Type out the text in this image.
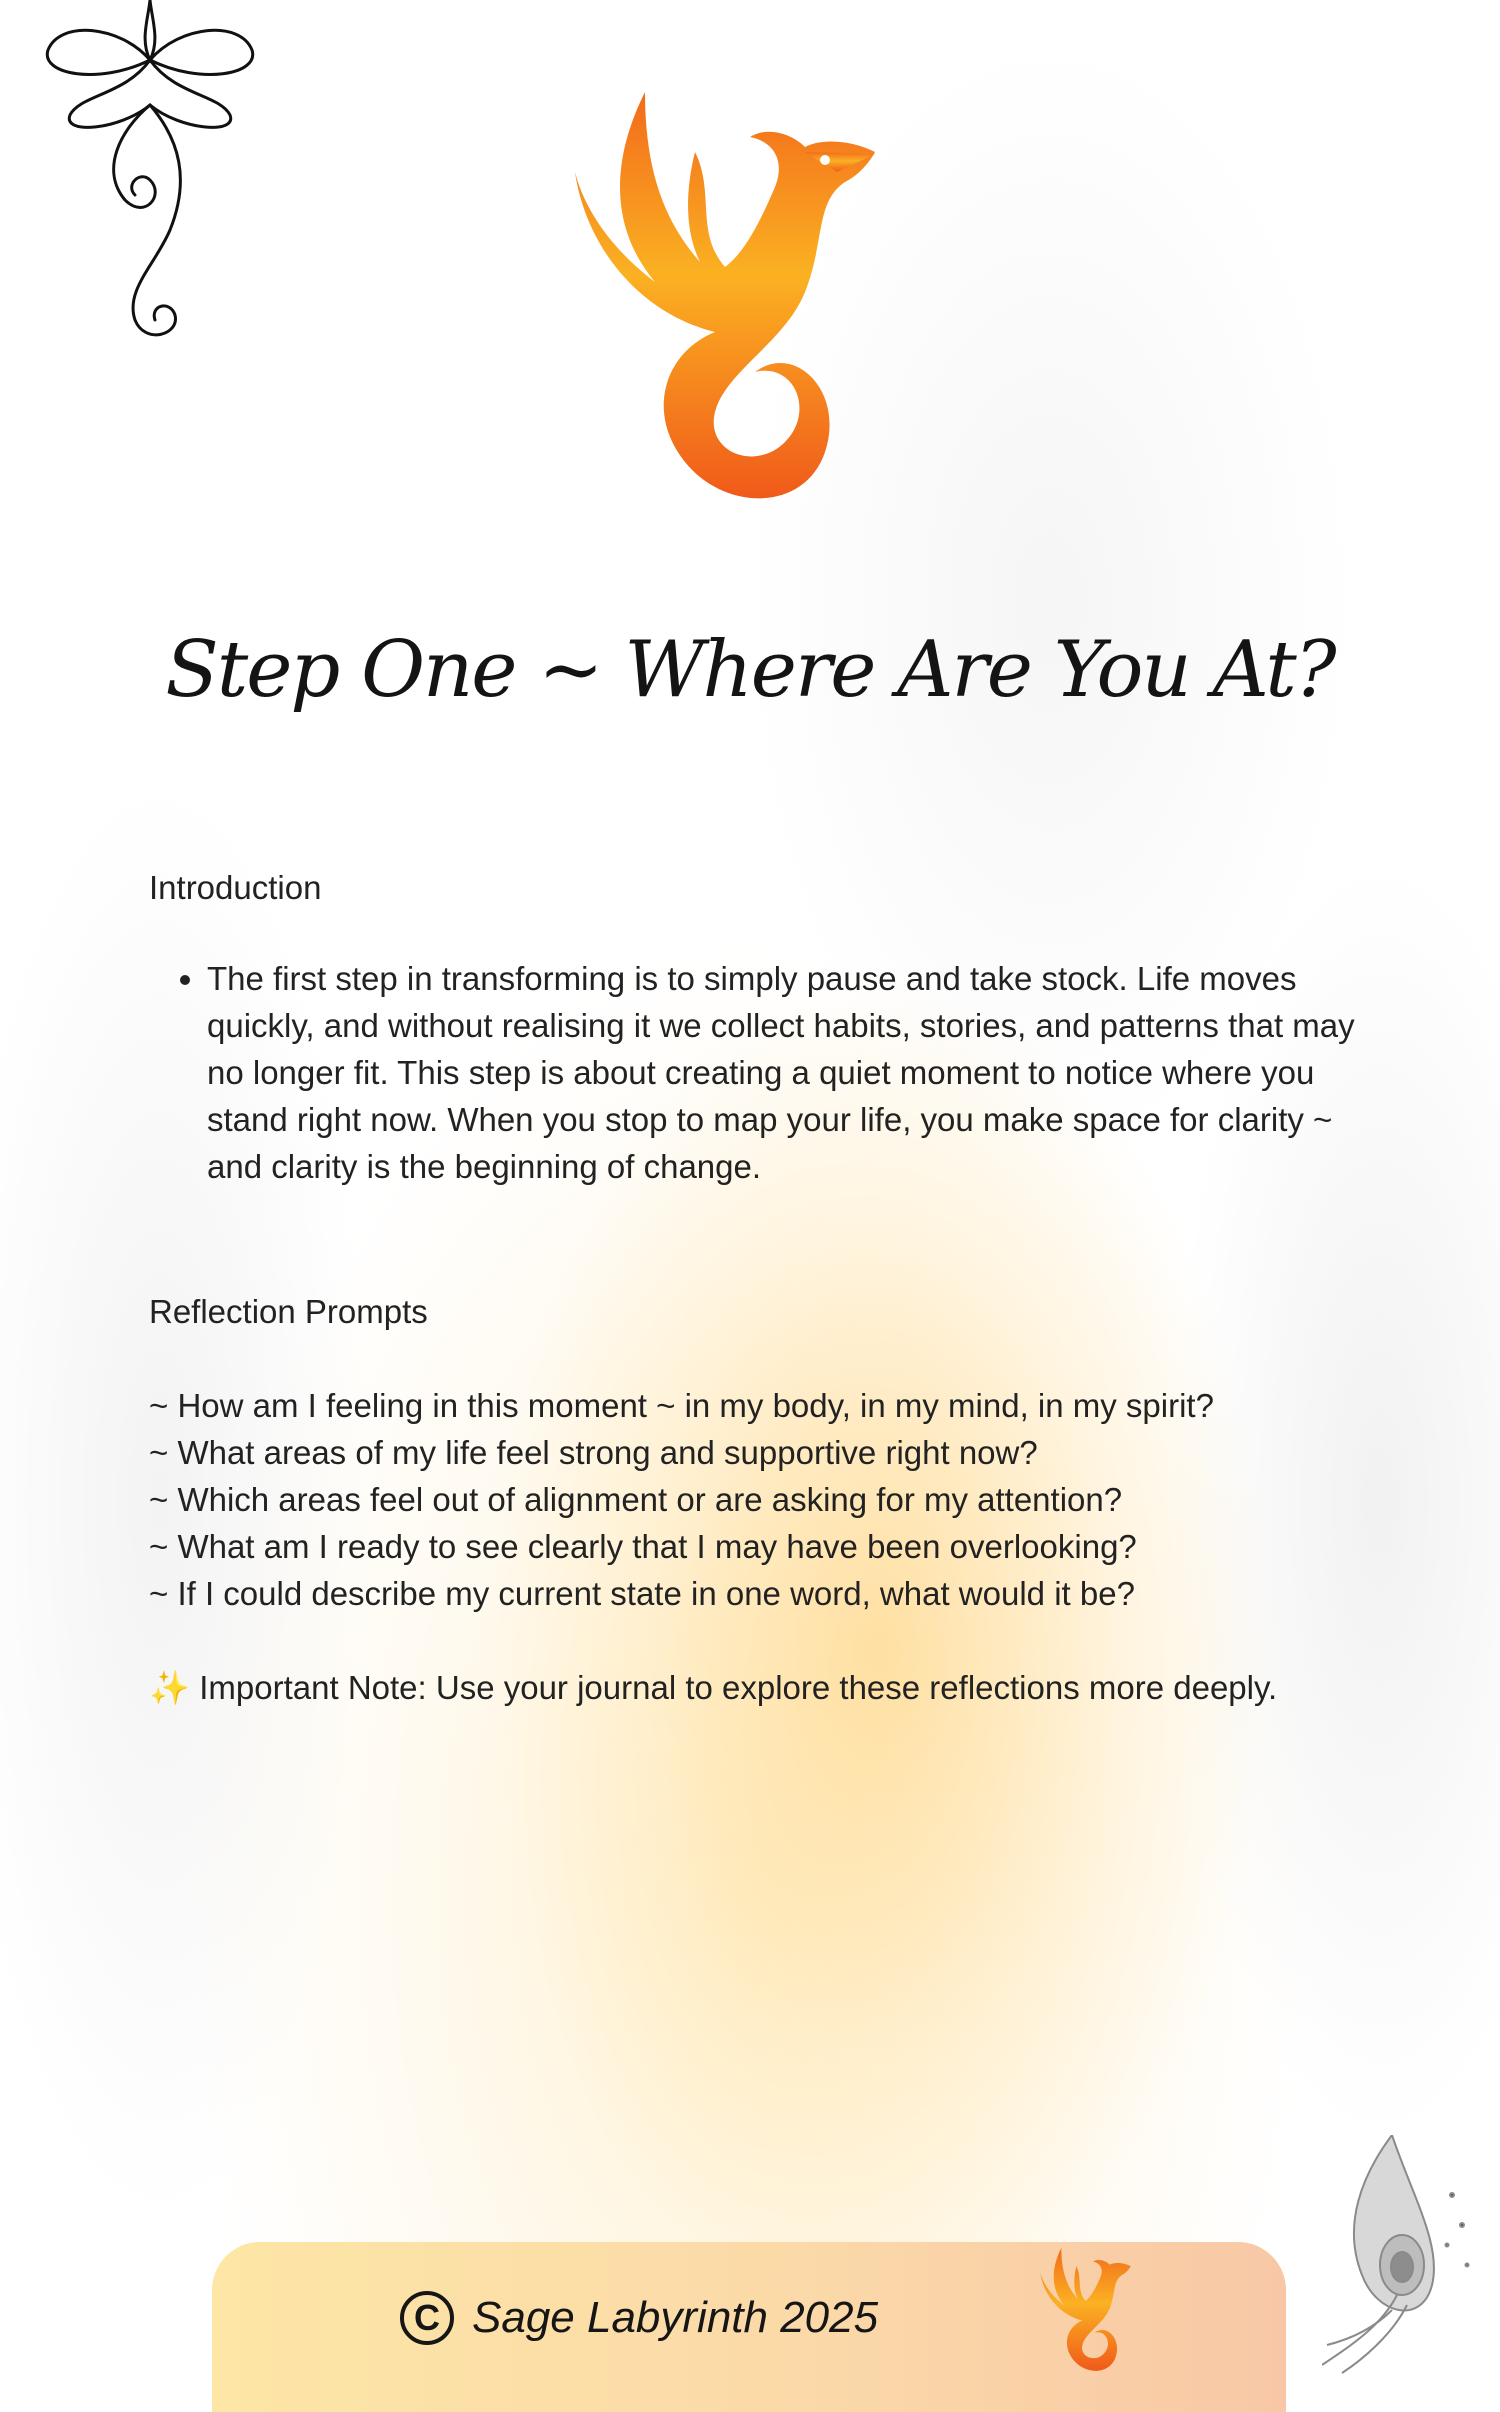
Step One ~ Where Are You At?
Introduction
• The first step in transforming is to simply pause and take stock. Life moves quickly, and without realising it we collect habits, stories, and patterns that may no longer fit. This step is about creating a quiet moment to notice where you stand right now. When you stop to map your life, you make space for clarity ~ and clarity is the beginning of change.
Reflection Prompts
~ How am I feeling in this moment ~ in my body, in my mind, in my spirit?
~ What areas of my life feel strong and supportive right now?
~ Which areas feel out of alignment or are asking for my attention?
~ What am I ready to see clearly that I may have been overlooking?
~ If I could describe my current state in one word, what would it be?
✨ Important Note: Use your journal to explore these reflections more deeply.
C Sage Labyrinth 2025
